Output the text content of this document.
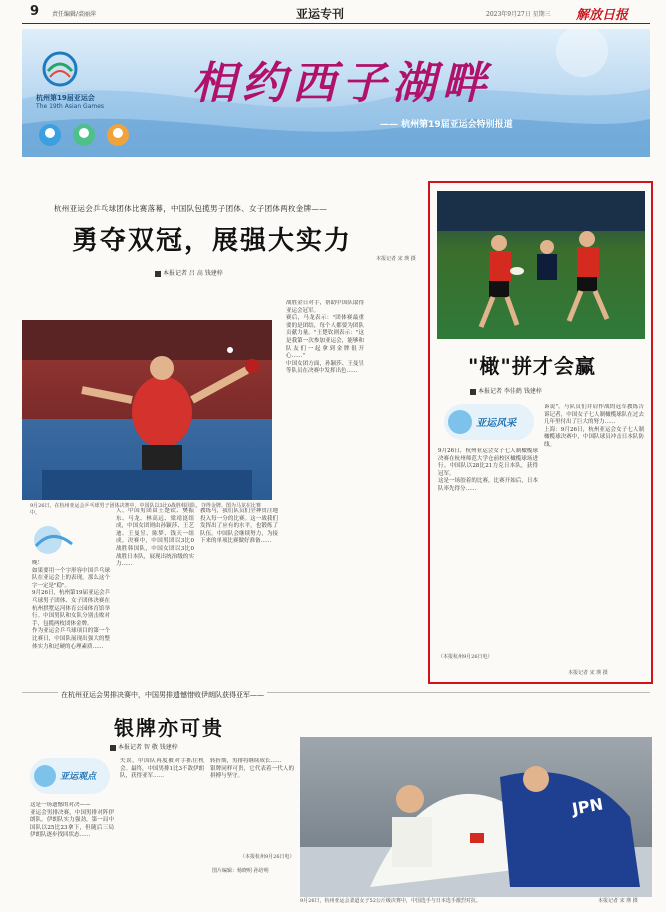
9 责任编辑/裘丽萍	亚运专刊	2023年9月27日 星期三 解放日报
杭州第19届亚运会
The 19th Asian Games 相约西子湖畔
—— 杭州第19届亚运会特别报道
杭州亚运会乒乓球团体比赛落幕，中国队包揽男子团体、女子团体两枚金牌——
勇夺双冠，展强大实力
本报记者 吕 高 钱建梓
本报记者 宋 瑛 摄
9月26日，在杭州亚运会乒乓球男子团体决赛中，中国队以3比0战胜韩国队，夺得金牌。图为马龙在比赛中。
晚！
如果要用一个字形容中国乒乓球队在亚运会上的表现，那么这个字一定是"稳"。
9月26日，杭州第19届亚运会乒乓球男子团体、女子团体决赛在杭州拱墅运河体育公园体育馆举行。中国男队和女队分别击败对手，包揽两枚团体金牌。
作为亚运会乒乓球项目的第一个比赛日，中国队展现出强大的整体实力和过硬的心理素质……
人。中国男团由王楚钦、樊振东、马龙、林高远、梁靖崑组成，中国女团则由孙颖莎、王艺迪、王曼昱、陈梦、钱天一组成。决赛中，中国男团以3比0战胜韩国队，中国女团以3比0战胜日本队，展现出统治级的实力……
教练马，我们队员们全神贯注地投入每一分的比赛。这一战我们发挥出了应有的水平，也锻炼了队伍。中国队会继续努力，为接下来的单项比赛做好准备……
战胜金日对手，帮助中国队取得亚运会冠军。
赛后，马龙表示："团体赛最重要的是团结，每个人都要为团队贡献力量。"王楚钦则表示："这是我第一次参加亚运会，能够和队友们一起拿到金牌很开心……"
中国女团方面，孙颖莎、王曼昱等队员在决赛中发挥出色……	"橄"拼才会赢
本报记者 李佳鹤 钱建梓
亚运风采
9月26日，杭州亚运会女子七人制橄榄球决赛在杭州师范大学仓前校区橄榄球场进行。中国队以28比21力克日本队，获得冠军。
这是一场胶着的比赛，比赛开始后，日本队率先得分……
诉说"。与队员们并肩作战的冠军教练告诉记者，中国女子七人制橄榄球队在过去几年里付出了巨大的努力……
上海：9月26日，杭州亚运会女子七人制橄榄球决赛中，中国队球员冲击日本队防线。
（本报杭州9月26日电）
本报记者 宋 瑛 摄
在杭州亚运会男排决赛中，中国男排遗憾惜败伊朗队获得亚军——
银牌亦可贵
本报记者 智 敬 钱建梓
亚运观点
这是一场遗憾的对决——
亚运会男排决赛，中国男排对阵伊朗队。伊朗队实力强劲，第一局中国队以25比23拿下，但随后三局伊朗队逐步找回状态……
失误，中国队再度被对手抓住机会。最终，中国男排1比3不敌伊朗队，获得亚军……
转折期，男排将继续成长……
银牌同样可贵，它代表着一代人的拼搏与坚守。
（本报杭州9月26日电）
图片编辑：杨晓明 孙培明
JPN
9月26日，杭州亚运会柔道女子52公斤级决赛中，中国选手与日本选手激烈对抗。	本报记者 宋 瑛 摄
